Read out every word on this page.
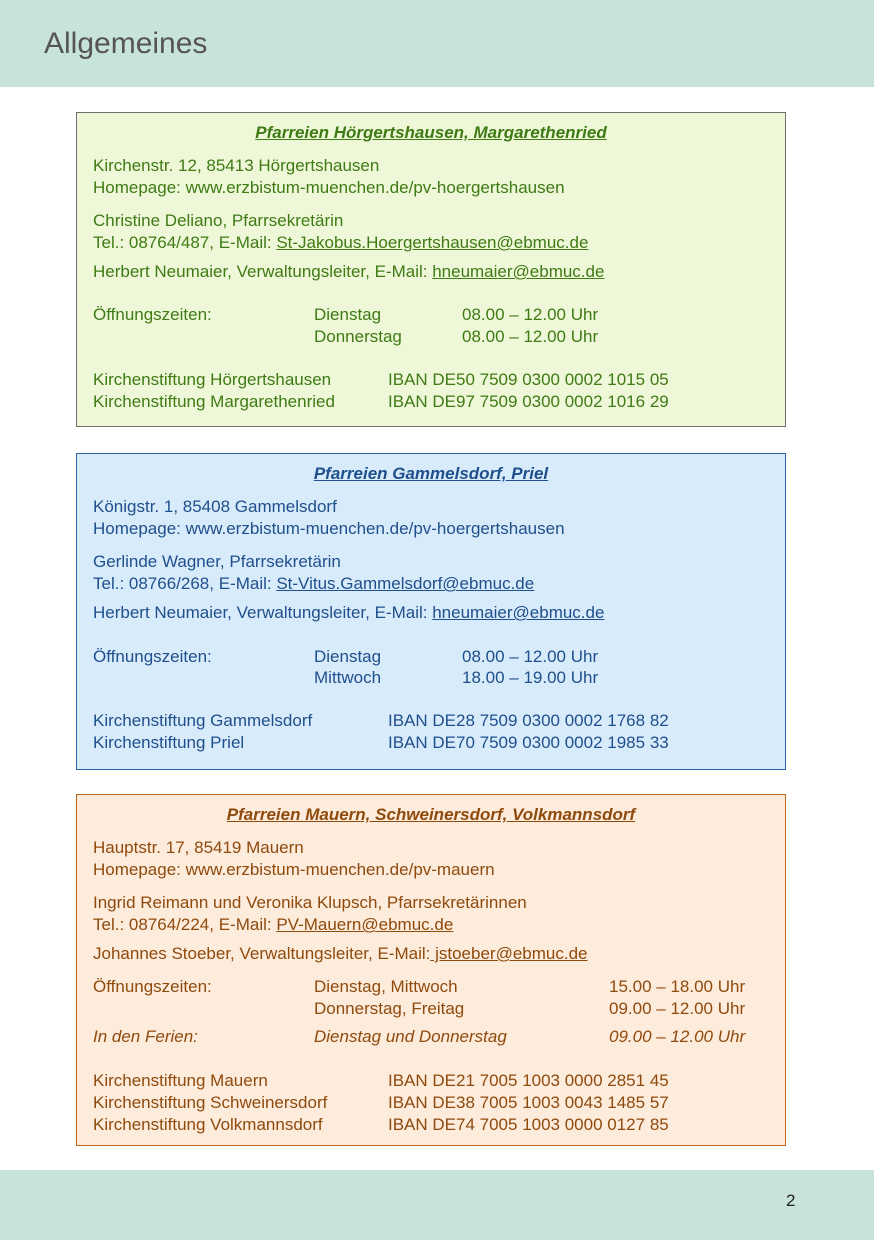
Allgemeines
Pfarreien Hörgertshausen, Margarethenried
Kirchenstr. 12, 85413 Hörgertshausen
Homepage: www.erzbistum-muenchen.de/pv-hoergertshausen
Christine Deliano, Pfarrsekretärin
Tel.: 08764/487, E-Mail: St-Jakobus.Hoergertshausen@ebmuc.de
Herbert Neumaier, Verwaltungsleiter, E-Mail: hneumaier@ebmuc.de
Öffnungszeiten:	Dienstag	08.00 – 12.00 Uhr
Donnerstag	08.00 – 12.00 Uhr
Kirchenstiftung Hörgertshausen	IBAN DE50 7509 0300 0002 1015 05
Kirchenstiftung Margarethenried	IBAN DE97 7509 0300 0002 1016 29
Pfarreien Gammelsdorf, Priel
Königstr. 1, 85408 Gammelsdorf
Homepage: www.erzbistum-muenchen.de/pv-hoergertshausen
Gerlinde Wagner, Pfarrsekretärin
Tel.: 08766/268, E-Mail: St-Vitus.Gammelsdorf@ebmuc.de
Herbert Neumaier, Verwaltungsleiter, E-Mail: hneumaier@ebmuc.de
Öffnungszeiten:	Dienstag	08.00 – 12.00 Uhr
Mittwoch	18.00 – 19.00 Uhr
Kirchenstiftung Gammelsdorf	IBAN DE28 7509 0300 0002 1768 82
Kirchenstiftung Priel	IBAN DE70 7509 0300 0002 1985 33
Pfarreien Mauern, Schweinersdorf, Volkmannsdorf
Hauptstr. 17, 85419 Mauern
Homepage: www.erzbistum-muenchen.de/pv-mauern
Ingrid Reimann und Veronika Klupsch, Pfarrsekretärinnen
Tel.: 08764/224, E-Mail: PV-Mauern@ebmuc.de
Johannes Stoeber, Verwaltungsleiter, E-Mail: jstoeber@ebmuc.de
Öffnungszeiten:	Dienstag, Mittwoch	15.00 – 18.00 Uhr
Donnerstag, Freitag	09.00 – 12.00 Uhr
In den Ferien:	Dienstag und Donnerstag	09.00 – 12.00 Uhr
Kirchenstiftung Mauern	IBAN DE21 7005 1003 0000 2851 45
Kirchenstiftung Schweinersdorf	IBAN DE38 7005 1003 0043 1485 57
Kirchenstiftung Volkmannsdorf	IBAN DE74 7005 1003 0000 0127 85
2
